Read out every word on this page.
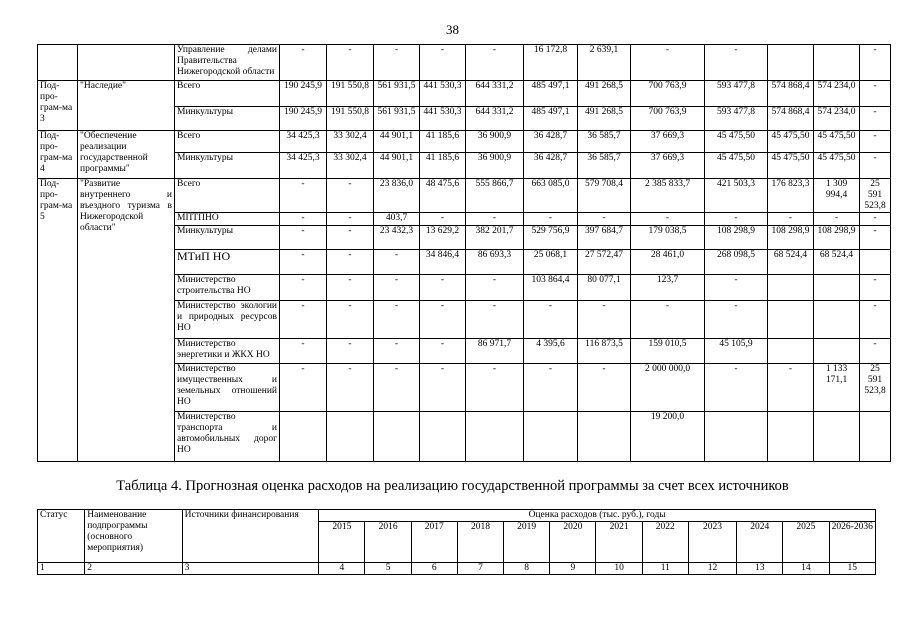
38
		Управление делами Правительства Нижегородской области	-	-	-	-	-	16 172,8	2 639,1	-	-			-
Под-про-грам-ма 3	"Наследие"	Всего	190 245,9	191 550,8	561 931,5	441 530,3	644 331,2	485 497,1	491 268,5	700 763,9	593 477,8	574 868,4	574 234,0	-
		Минкультуры	190 245,9	191 550,8	561 931,5	441 530,3	644 331,2	485 497,1	491 268,5	700 763,9	593 477,8	574 868,4	574 234,0	-
Под-про-грам-ма 4	"Обеспечение реализации государственной программы"	Всего	34 425,3	33 302,4	44 901,1	41 185,6	36 900,9	36 428,7	36 585,7	37 669,3	45 475,50	45 475,50	45 475,50	-
		Минкультуры	34 425,3	33 302,4	44 901,1	41 185,6	36 900,9	36 428,7	36 585,7	37 669,3	45 475,50	45 475,50	45 475,50	-
Под-про-грам-ма 5	"Развитие внутреннего и въездного туризма в Нижегородской области"	Всего	-	-	23 836,0	48 475,6	555 866,7	663 085,0	579 708,4	2 385 833,7	421 503,3	176 823,3	1 309 994,4	25 591 523,8
		МПТПНО	-	-	403,7	-	-	-	-	-	-	-	-	-
		Минкультуры	-	-	23 432,3	13 629,2	382 201,7	529 756,9	397 684,7	179 038,5	108 298,9	108 298,9	108 298,9	-
		МТиП НО	-	-	-	34 846,4	86 693,3	25 068,1	27 572,47	28 461,0	268 098,5	68 524,4	68 524,4	
		Министерство строительства НО	-	-	-	-	-	103 864,4	80 077,1	123,7	-			-
		Министерство экологии и природных ресурсов НО	-	-	-	-	-	-	-	-	-			-
		Министерство энергетики и ЖКХ НО	-	-	-	-	86 971,7	4 395,6	116 873,5	159 010,5	45 105,9			-
		Министерство имущественных и земельных отношений НО	-	-	-	-	-	-	-	2 000 000,0	-	-	1 133 171,1	25 591 523,8
		Министерство транспорта и автомобильных дорог НО								19 200,0				
Таблица 4. Прогнозная оценка расходов на реализацию государственной программы за счет всех источников
Статус	Наименование подпрограммы (основного мероприятия)	Источники финансирования	Оценка расходов (тыс. руб.), годы											
			2015	2016	2017	2018	2019	2020	2021	2022	2023	2024	2025	2026-2036
1	2	3	4	5	6	7	8	9	10	11	12	13	14	15
